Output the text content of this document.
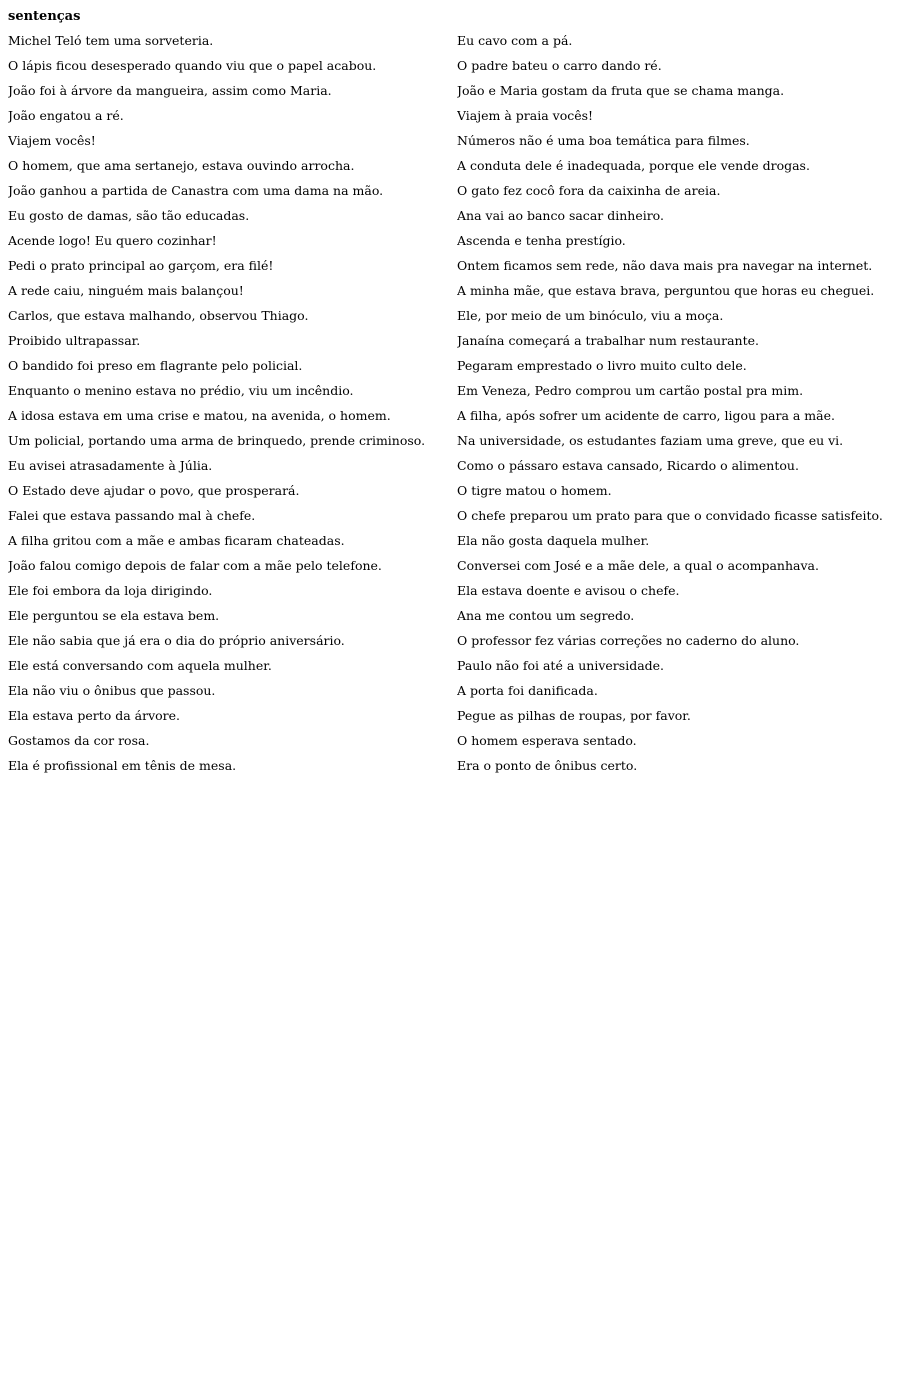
sentenças
Michel Teló tem uma sorveteria.	Eu cavo com a pá.
O lápis ficou desesperado quando viu que o papel acabou.	O padre bateu o carro dando ré.
João foi à árvore da mangueira, assim como Maria.	João e Maria gostam da fruta que se chama manga.
João engatou a ré.	Viajem à praia vocês!
Viajem vocês!	Números não é uma boa temática para filmes.
O homem, que ama sertanejo, estava ouvindo arrocha.	A conduta dele é inadequada, porque ele vende drogas.
João ganhou a partida de Canastra com uma dama na mão.	O gato fez cocô fora da caixinha de areia.
Eu gosto de damas, são tão educadas.	Ana vai ao banco sacar dinheiro.
Acende logo! Eu quero cozinhar!	Ascenda e tenha prestígio.
Pedi o prato principal ao garçom, era filé!	Ontem ficamos sem rede, não dava mais pra navegar na internet.
A rede caiu, ninguém mais balançou!	A minha mãe, que estava brava, perguntou que horas eu cheguei.
Carlos, que estava malhando, observou Thiago.	Ele, por meio de um binóculo, viu a moça.
Proibido ultrapassar.	Janaína começará a trabalhar num restaurante.
O bandido foi preso em flagrante pelo policial.	Pegaram emprestado o livro muito culto dele.
Enquanto o menino estava no prédio, viu um incêndio.	Em Veneza, Pedro comprou um cartão postal pra mim.
A idosa estava em uma crise e matou, na avenida, o homem.	A filha, após sofrer um acidente de carro, ligou para a mãe.
Um policial, portando uma arma de brinquedo, prende criminoso.	Na universidade, os estudantes faziam uma greve, que eu vi.
Eu avisei atrasadamente à Júlia.	Como o pássaro estava cansado, Ricardo o alimentou.
O Estado deve ajudar o povo, que prosperará.	O tigre matou o homem.
Falei que estava passando mal à chefe.	O chefe preparou um prato para que o convidado ficasse satisfeito.
A filha gritou com a mãe e ambas ficaram chateadas.	Ela não gosta daquela mulher.
João falou comigo depois de falar com a mãe pelo telefone.	Conversei com José e a mãe dele, a qual o acompanhava.
Ele foi embora da loja dirigindo.	Ela estava doente e avisou o chefe.
Ele perguntou se ela estava bem.	Ana me contou um segredo.
Ele não sabia que já era o dia do próprio aniversário.	O professor fez várias correções no caderno do aluno.
Ele está conversando com aquela mulher.	Paulo não foi até a universidade.
Ela não viu o ônibus que passou.	A porta foi danificada.
Ela estava perto da árvore.	Pegue as pilhas de roupas, por favor.
Gostamos da cor rosa.	O homem esperava sentado.
Ela é profissional em tênis de mesa.	Era o ponto de ônibus certo.
